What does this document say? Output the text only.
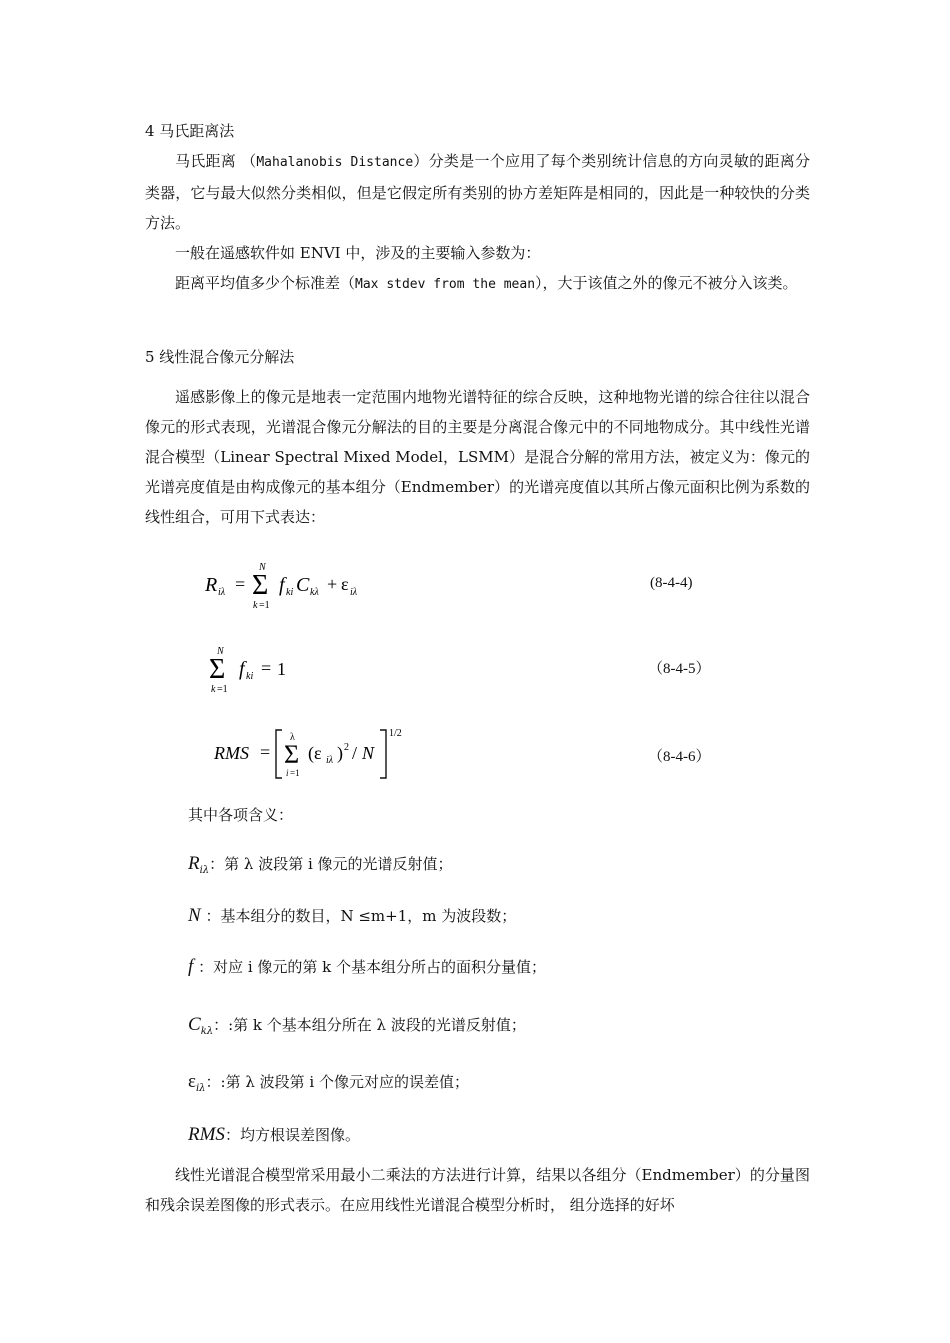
4 马氏距离法

马氏距离 （Mahalanobis Distance）分类是一个应用了每个类别统计信息的方向灵敏的距离分类器，它与最大似然分类相似，但是它假定所有类别的协方差矩阵是相同的，因此是一种较快的分类方法。

一般在遥感软件如 ENVI 中，涉及的主要输入参数为：

距离平均值多少个标准差（Max stdev from the mean），大于该值之外的像元不被分入该类。

5 线性混合像元分解法

遥感影像上的像元是地表一定范围内地物光谱特征的综合反映，这种地物光谱的综合往往以混合像元的形式表现，光谱混合像元分解法的目的主要是分离混合像元中的不同地物成分。其中线性光谱混合模型（Linear Spectral Mixed Model，LSMM）是混合分解的常用方法，被定义为：像元的光谱亮度值是由构成像元的基本组分（Endmember）的光谱亮度值以其所占像元面积比例为系数的线性组合，可用下式表达：

R iλ = Σ
N
k =1
f ki C kλ + ε iλ
(8-4-4)
Σ
N
k =1
f ki = 1	（8-4-5）
RMS = Σ
λ
i =1
(ε iλ ) 2 / N
1/2
（8-4-6）
其中各项含义：
$R_{i\lambda}$：第 λ 波段第 i 像元的光谱反射值；
N ：基本组分的数目，N ≤m+1，m 为波段数；
f ：对应 i 像元的第 k 个基本组分所占的面积分量值；
$C_{k\lambda}$：:第 k 个基本组分所在 λ 波段的光谱反射值；
$\varepsilon_{i\lambda}$：:第 λ 波段第 i 个像元对应的误差值；
RMS：均方根误差图像。

线性光谱混合模型常采用最小二乘法的方法进行计算，结果以各组分（Endmember）的分量图和残余误差图像的形式表示。在应用线性光谱混合模型分析时， 组分选择的好坏
